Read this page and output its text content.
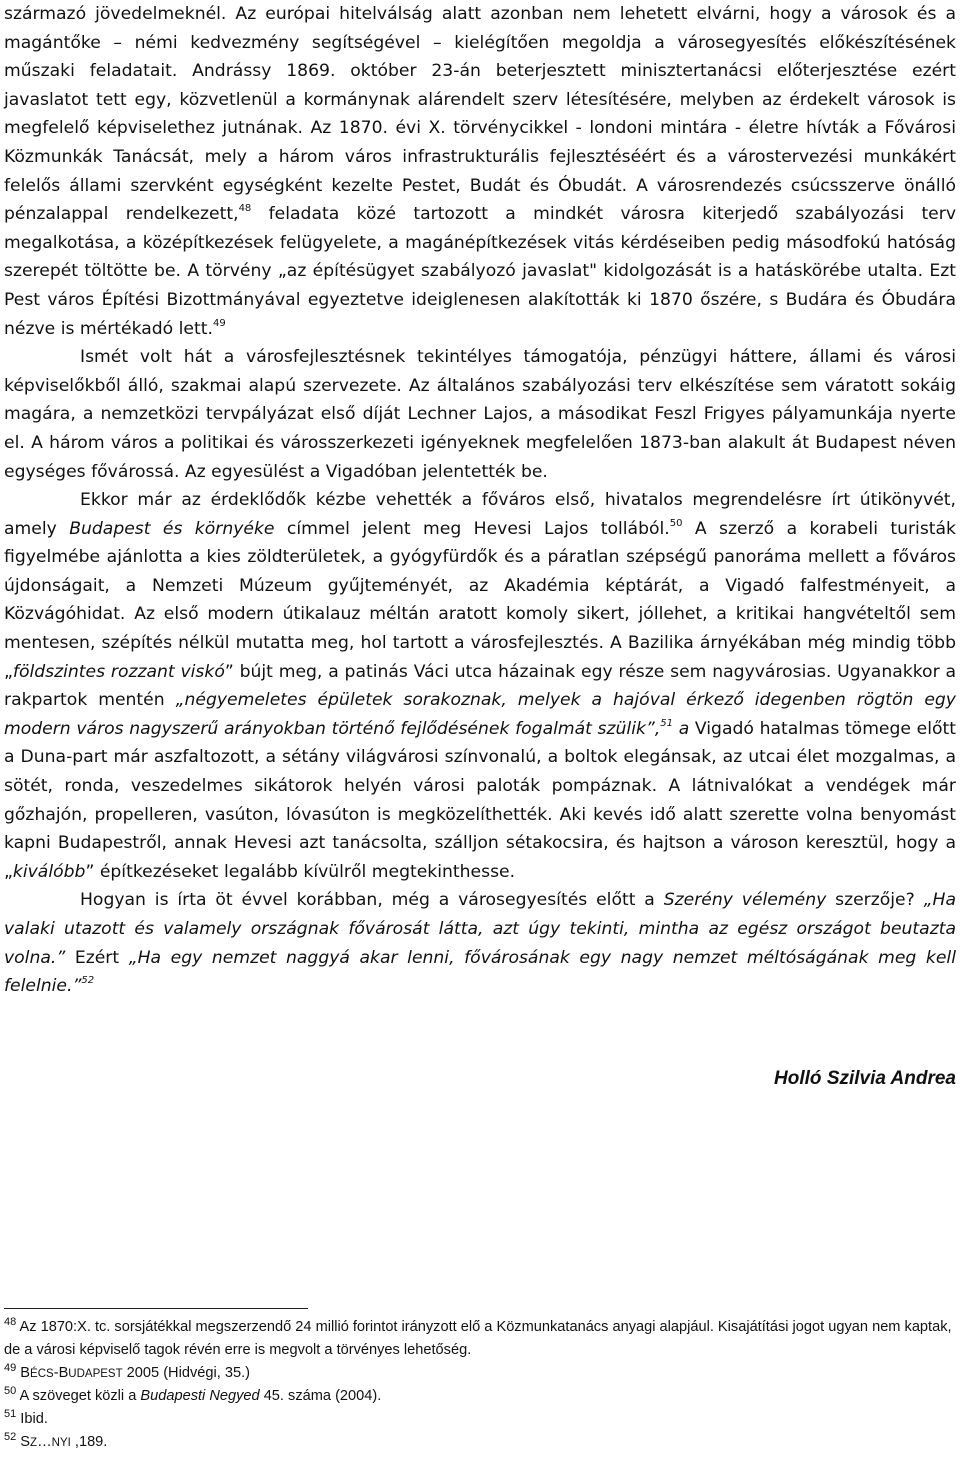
származó jövedelmeknél. Az európai hitelválság alatt azonban nem lehetett elvárni, hogy a városok és a magántőke – némi kedvezmény segítségével – kielégítően megoldja a városegyesítés előkészítésének műszaki feladatait. Andrássy 1869. október 23-án beterjesztett minisztertanácsi előterjesztése ezért javaslatot tett egy, közvetlenül a kormánynak alárendelt szerv létesítésére, melyben az érdekelt városok is megfelelő képviselethez jutnának. Az 1870. évi X. törvénycikkel - londoni mintára - életre hívták a Fővárosi Közmunkák Tanácsát, mely a három város infrastrukturális fejlesztéséért és a várostervezési munkákért felelős állami szervként egységként kezelte Pestet, Budát és Óbudát. A városrendezés csúcsszerve önálló pénzalappal rendelkezett,$^{48}$ feladata közé tartozott a mindkét városra kiterjedő szabályozási terv megalkotása, a középítkezések felügyelete, a magánépítkezések vitás kérdéseiben pedig másodfokú hatóság szerepét töltötte be. A törvény „az építésügyet szabályozó javaslat" kidolgozását is a hatáskörébe utalta. Ezt Pest város Építési Bizottmányával egyeztetve ideiglenesen alakították ki 1870 őszére, s Budára és Óbudára nézve is mértékadó lett.$^{49}$

Ismét volt hát a városfejlesztésnek tekintélyes támogatója, pénzügyi háttere, állami és városi képviselőkből álló, szakmai alapú szervezete. Az általános szabályozási terv elkészítése sem váratott sokáig magára, a nemzetközi tervpályázat első díját Lechner Lajos, a másodikat Feszl Frigyes pályamunkája nyerte el. A három város a politikai és városszerkezeti igényeknek megfelelően 1873-ban alakult át Budapest néven egységes fővárossá. Az egyesülést a Vigadóban jelentették be.

Ekkor már az érdeklődők kézbe vehették a főváros első, hivatalos megrendelésre írt útikönyvét, amely Budapest és környéke címmel jelent meg Hevesi Lajos tollából.$^{50}$ A szerző a korabeli turisták figyelmébe ajánlotta a kies zöldterületek, a gyógyfürdők és a páratlan szépségű panoráma mellett a főváros újdonságait, a Nemzeti Múzeum gyűjteményét, az Akadémia képtárát, a Vigadó falfestményeit, a Közvágóhidat. Az első modern útikalauz méltán aratott komoly sikert, jóllehet, a kritikai hangvételtől sem mentesen, szépítés nélkül mutatta meg, hol tartott a városfejlesztés. A Bazilika árnyékában még mindig több „földszintes rozzant viskó” bújt meg, a patinás Váci utca házainak egy része sem nagyvárosias. Ugyanakkor a rakpartok mentén „négyemeletes épületek sorakoznak, melyek a hajóval érkező idegenben rögtön egy modern város nagyszerű arányokban történő fejlődésének fogalmát szülik”,$^{51}$ a Vigadó hatalmas tömege előtt a Duna-part már aszfaltozott, a sétány világvárosi színvonalú, a boltok elegánsak, az utcai élet mozgalmas, a sötét, ronda, veszedelmes sikátorok helyén városi paloták pompáznak. A látnivalókat a vendégek már gőzhajón, propelleren, vasúton, lóvasúton is megközelíthették. Aki kevés idő alatt szerette volna benyomást kapni Budapestről, annak Hevesi azt tanácsolta, szálljon sétakocsira, és hajtson a városon keresztül, hogy a „kiválóbb” építkezéseket legalább kívülről megtekinthesse.

Hogyan is írta öt évvel korábban, még a városegyesítés előtt a Szerény vélemény szerzője? „Ha valaki utazott és valamely országnak fővárosát látta, azt úgy tekinti, mintha az egész országot beutazta volna.” Ezért „Ha egy nemzet naggyá akar lenni, fővárosának egy nagy nemzet méltóságának meg kell felelnie.”$^{52}$

Holló Szilvia Andrea

$^{48}$ Az 1870:X. tc. sorsjátékkal megszerzendő 24 millió forintot irányzott elő a Közmunkatanács anyagi alapjául. Kisajátítási jogot ugyan nem kaptak, de a városi képviselő tagok révén erre is megvolt a törvényes lehetőség.

$^{49}$ BÉCS-BUDAPEST 2005 (Hidvégi, 35.)

$^{50}$ A szöveget közli a Budapesti Negyed 45. száma (2004).

$^{51}$ Ibid.

$^{52}$ SZ…NYI ,189.
